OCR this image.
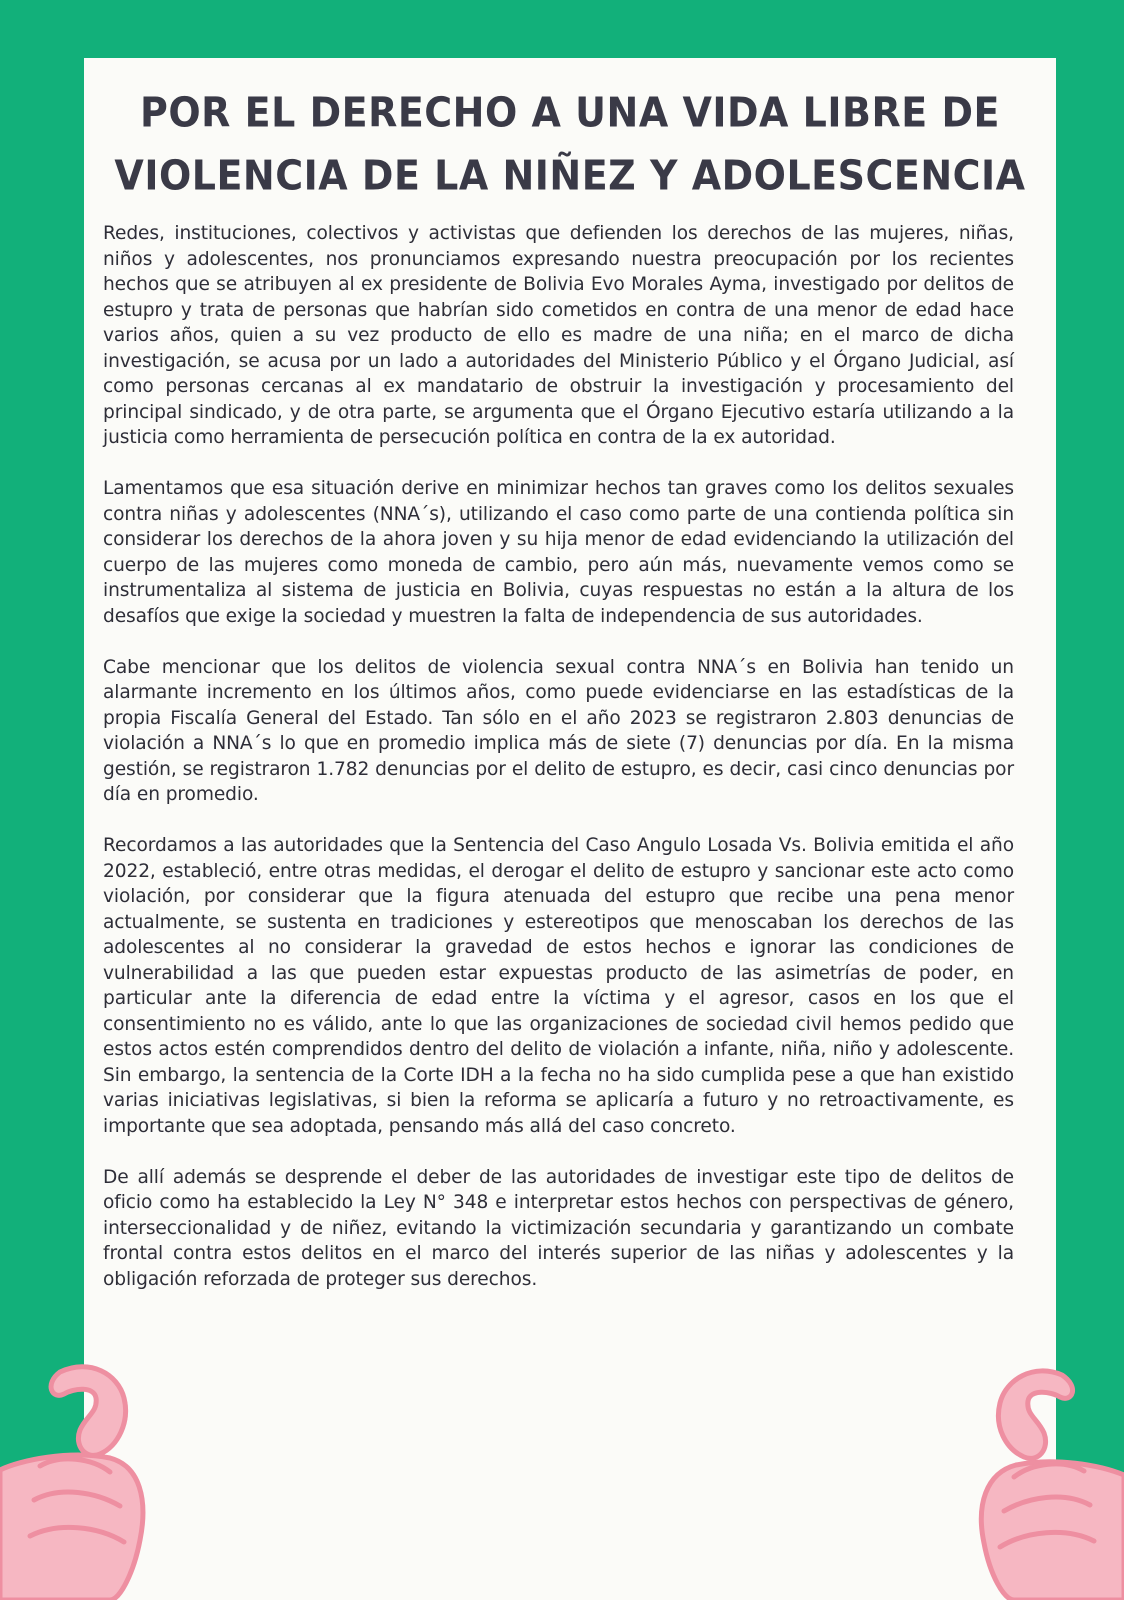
POR EL DERECHO A UNA VIDA LIBRE DE
VIOLENCIA DE LA NIÑEZ Y ADOLESCENCIA

Redes, instituciones, colectivos y activistas que defienden los derechos de las mujeres, niñas, niños y adolescentes, nos pronunciamos expresando nuestra preocupación por los recientes hechos que se atribuyen al ex presidente de Bolivia Evo Morales Ayma, investigado por delitos de estupro y trata de personas que habrían sido cometidos en contra de una menor de edad hace varios años, quien a su vez producto de ello es madre de una niña; en el marco de dicha investigación, se acusa por un lado a autoridades del Ministerio Público y el Órgano Judicial, así como personas cercanas al ex mandatario de obstruir la investigación y procesamiento del principal sindicado, y de otra parte, se argumenta que el Órgano Ejecutivo estaría utilizando a la justicia como herramienta de persecución política en contra de la ex autoridad.

Lamentamos que esa situación derive en minimizar hechos tan graves como los delitos sexuales contra niñas y adolescentes (NNA´s), utilizando el caso como parte de una contienda política sin considerar los derechos de la ahora joven y su hija menor de edad evidenciando la utilización del cuerpo de las mujeres como moneda de cambio, pero aún más, nuevamente vemos como se instrumentaliza al sistema de justicia en Bolivia, cuyas respuestas no están a la altura de los desafíos que exige la sociedad y muestren la falta de independencia de sus autoridades.

Cabe mencionar que los delitos de violencia sexual contra NNA´s en Bolivia han tenido un alarmante incremento en los últimos años, como puede evidenciarse en las estadísticas de la propia Fiscalía General del Estado. Tan sólo en el año 2023 se registraron 2.803 denuncias de violación a NNA´s lo que en promedio implica más de siete (7) denuncias por día. En la misma gestión, se registraron 1.782 denuncias por el delito de estupro, es decir, casi cinco denuncias por día en promedio.

Recordamos a las autoridades que la Sentencia del Caso Angulo Losada Vs. Bolivia emitida el año 2022, estableció, entre otras medidas, el derogar el delito de estupro y sancionar este acto como violación, por considerar que la figura atenuada del estupro que recibe una pena menor actualmente, se sustenta en tradiciones y estereotipos que menoscaban los derechos de las adolescentes al no considerar la gravedad de estos hechos e ignorar las condiciones de vulnerabilidad a las que pueden estar expuestas producto de las asimetrías de poder, en particular ante la diferencia de edad entre la víctima y el agresor, casos en los que el consentimiento no es válido, ante lo que las organizaciones de sociedad civil hemos pedido que estos actos estén comprendidos dentro del delito de violación a infante, niña, niño y adolescente. Sin embargo, la sentencia de la Corte IDH a la fecha no ha sido cumplida pese a que han existido varias iniciativas legislativas, si bien la reforma se aplicaría a futuro y no retroactivamente, es importante que sea adoptada, pensando más allá del caso concreto.

De allí además se desprende el deber de las autoridades de investigar este tipo de delitos de oficio como ha establecido la Ley N° 348 e interpretar estos hechos con perspectivas de género, interseccionalidad y de niñez, evitando la victimización secundaria y garantizando un combate frontal contra estos delitos en el marco del interés superior de las niñas y adolescentes y la obligación reforzada de proteger sus derechos.
